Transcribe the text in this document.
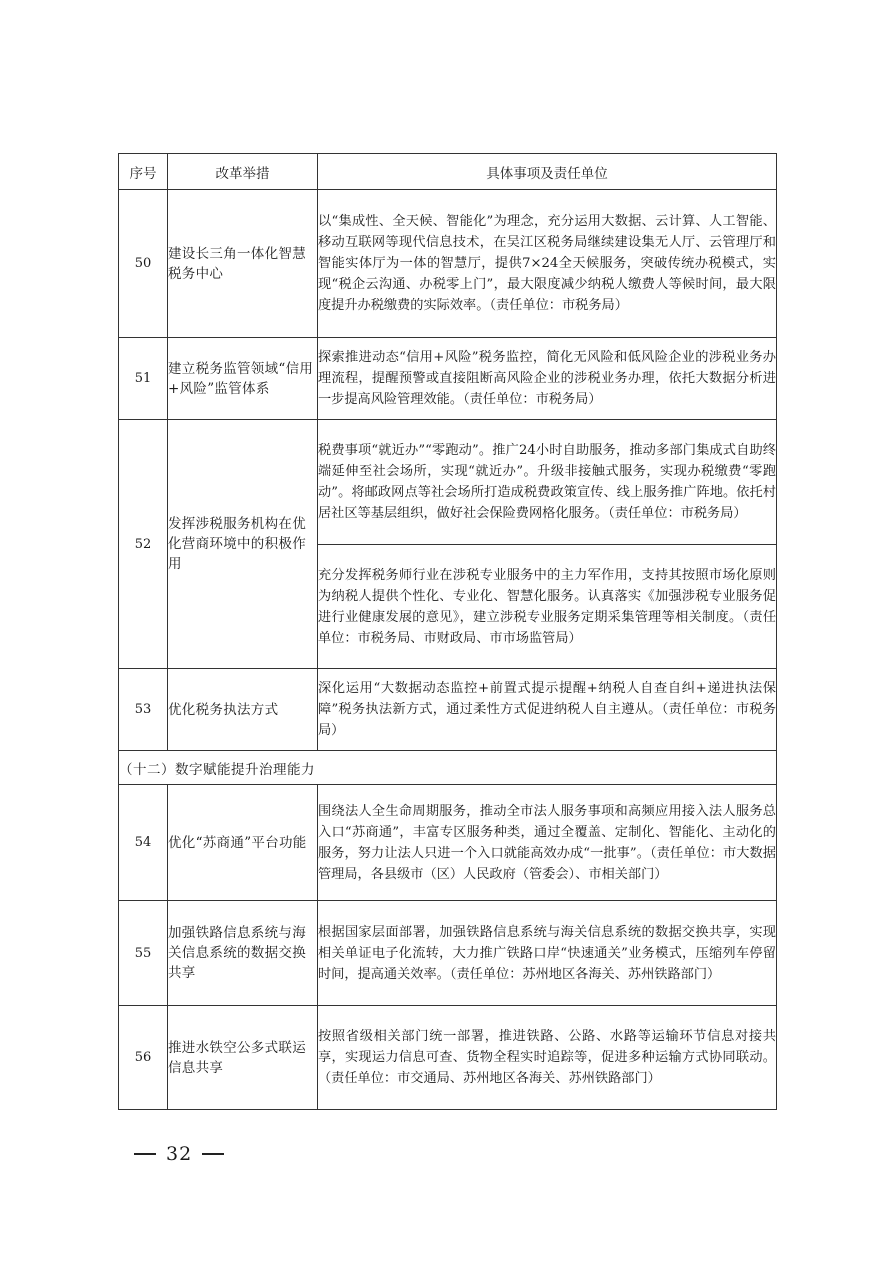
序号	改革举措	具体事项及责任单位
50	建设长三角一体化智慧税务中心	以“集成性、全天候、智能化”为理念，充分运用大数据、云计算、人工智能、移动互联网等现代信息技术，在吴江区税务局继续建设集无人厅、云管理厅和智能实体厅为一体的智慧厅，提供7×24全天候服务，突破传统办税模式，实现“税企云沟通、办税零上门”，最大限度减少纳税人缴费人等候时间，最大限度提升办税缴费的实际效率。（责任单位：市税务局）
51	建立税务监管领域“信用+风险”监管体系	探索推进动态“信用+风险”税务监控，简化无风险和低风险企业的涉税业务办理流程，提醒预警或直接阻断高风险企业的涉税业务办理，依托大数据分析进一步提高风险管理效能。（责任单位：市税务局）
52	发挥涉税服务机构在优化营商环境中的积极作用	税费事项“就近办”“零跑动”。推广24小时自助服务，推动多部门集成式自助终端延伸至社会场所，实现“就近办”。升级非接触式服务，实现办税缴费“零跑动”。将邮政网点等社会场所打造成税费政策宣传、线上服务推广阵地。依托村居社区等基层组织，做好社会保险费网格化服务。（责任单位：市税务局）
		充分发挥税务师行业在涉税专业服务中的主力军作用，支持其按照市场化原则为纳税人提供个性化、专业化、智慧化服务。认真落实《加强涉税专业服务促进行业健康发展的意见》，建立涉税专业服务定期采集管理等相关制度。（责任单位：市税务局、市财政局、市市场监管局）
53	优化税务执法方式	深化运用“大数据动态监控+前置式提示提醒+纳税人自查自纠+递进执法保障”税务执法新方式，通过柔性方式促进纳税人自主遵从。（责任单位：市税务局）
（十二）数字赋能提升治理能力		
54	优化“苏商通”平台功能	围绕法人全生命周期服务，推动全市法人服务事项和高频应用接入法人服务总入口“苏商通”，丰富专区服务种类，通过全覆盖、定制化、智能化、主动化的服务，努力让法人只进一个入口就能高效办成“一批事”。（责任单位：市大数据管理局，各县级市（区）人民政府（管委会）、市相关部门）
55	加强铁路信息系统与海关信息系统的数据交换共享	根据国家层面部署，加强铁路信息系统与海关信息系统的数据交换共享，实现相关单证电子化流转，大力推广铁路口岸“快速通关”业务模式，压缩列车停留时间，提高通关效率。（责任单位：苏州地区各海关、苏州铁路部门）
56	推进水铁空公多式联运信息共享	按照省级相关部门统一部署，推进铁路、公路、水路等运输环节信息对接共享，实现运力信息可查、货物全程实时追踪等，促进多种运输方式协同联动。（责任单位：市交通局、苏州地区各海关、苏州铁路部门）
32
